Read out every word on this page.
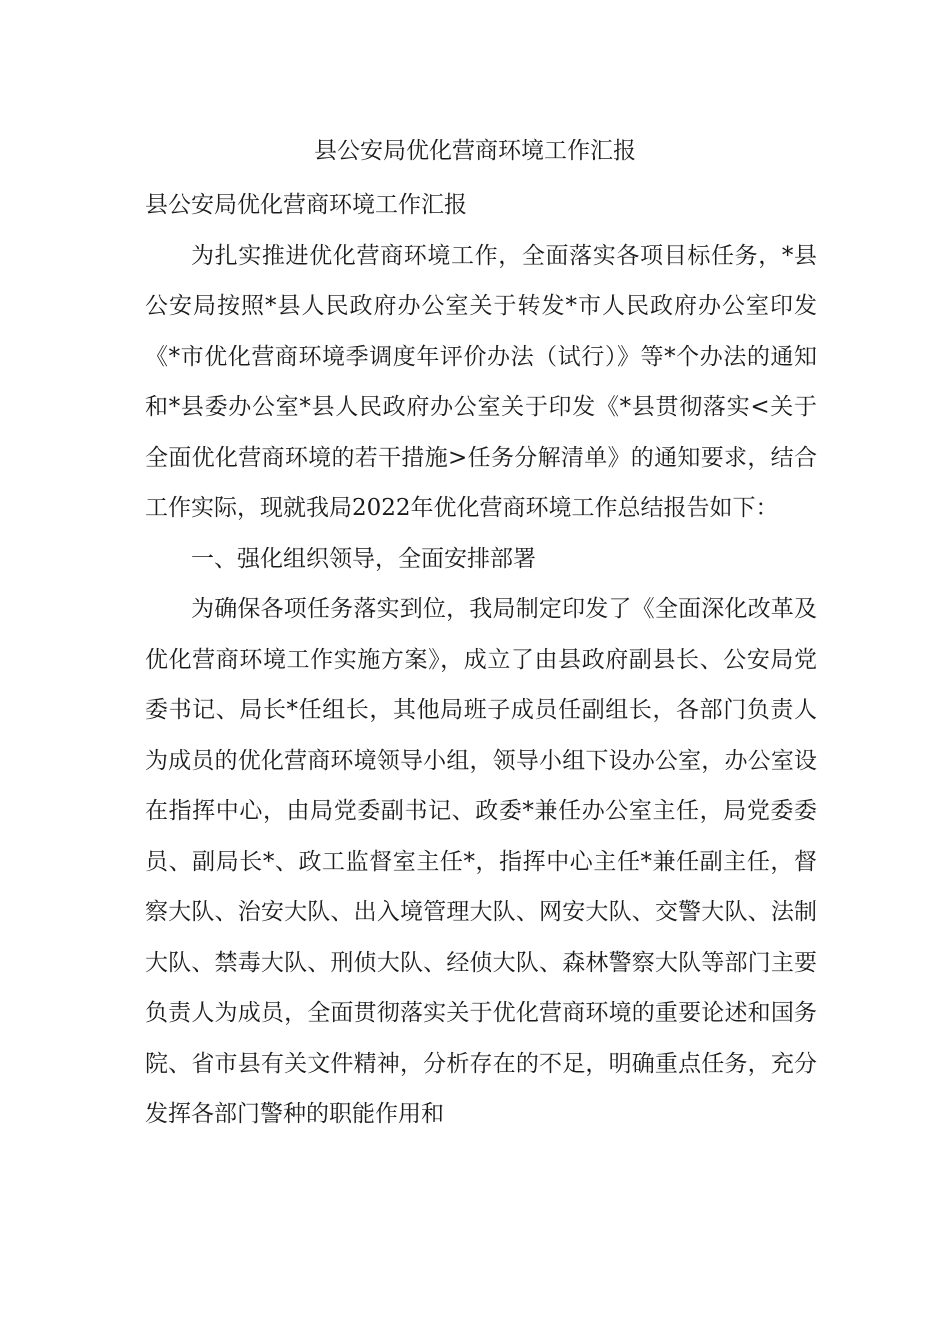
县公安局优化营商环境工作汇报

县公安局优化营商环境工作汇报

为扎实推进优化营商环境工作，全面落实各项目标任务，*县公安局按照*县人民政府办公室关于转发*市人民政府办公室印发《*市优化营商环境季调度年评价办法（试行）》等*个办法的通知和*县委办公室*县人民政府办公室关于印发《*县贯彻落实<关于全面优化营商环境的若干措施>任务分解清单》的通知要求，结合工作实际，现就我局2022年优化营商环境工作总结报告如下：

一、强化组织领导，全面安排部署

为确保各项任务落实到位，我局制定印发了《全面深化改革及优化营商环境工作实施方案》，成立了由县政府副县长、公安局党委书记、局长*任组长，其他局班子成员任副组长，各部门负责人为成员的优化营商环境领导小组，领导小组下设办公室，办公室设在指挥中心，由局党委副书记、政委*兼任办公室主任，局党委委员、副局长*、政工监督室主任*，指挥中心主任*兼任副主任，督察大队、治安大队、出入境管理大队、网安大队、交警大队、法制大队、禁毒大队、刑侦大队、经侦大队、森林警察大队等部门主要负责人为成员，全面贯彻落实关于优化营商环境的重要论述和国务院、省市县有关文件精神，分析存在的不足，明确重点任务，充分发挥各部门警种的职能作用和
